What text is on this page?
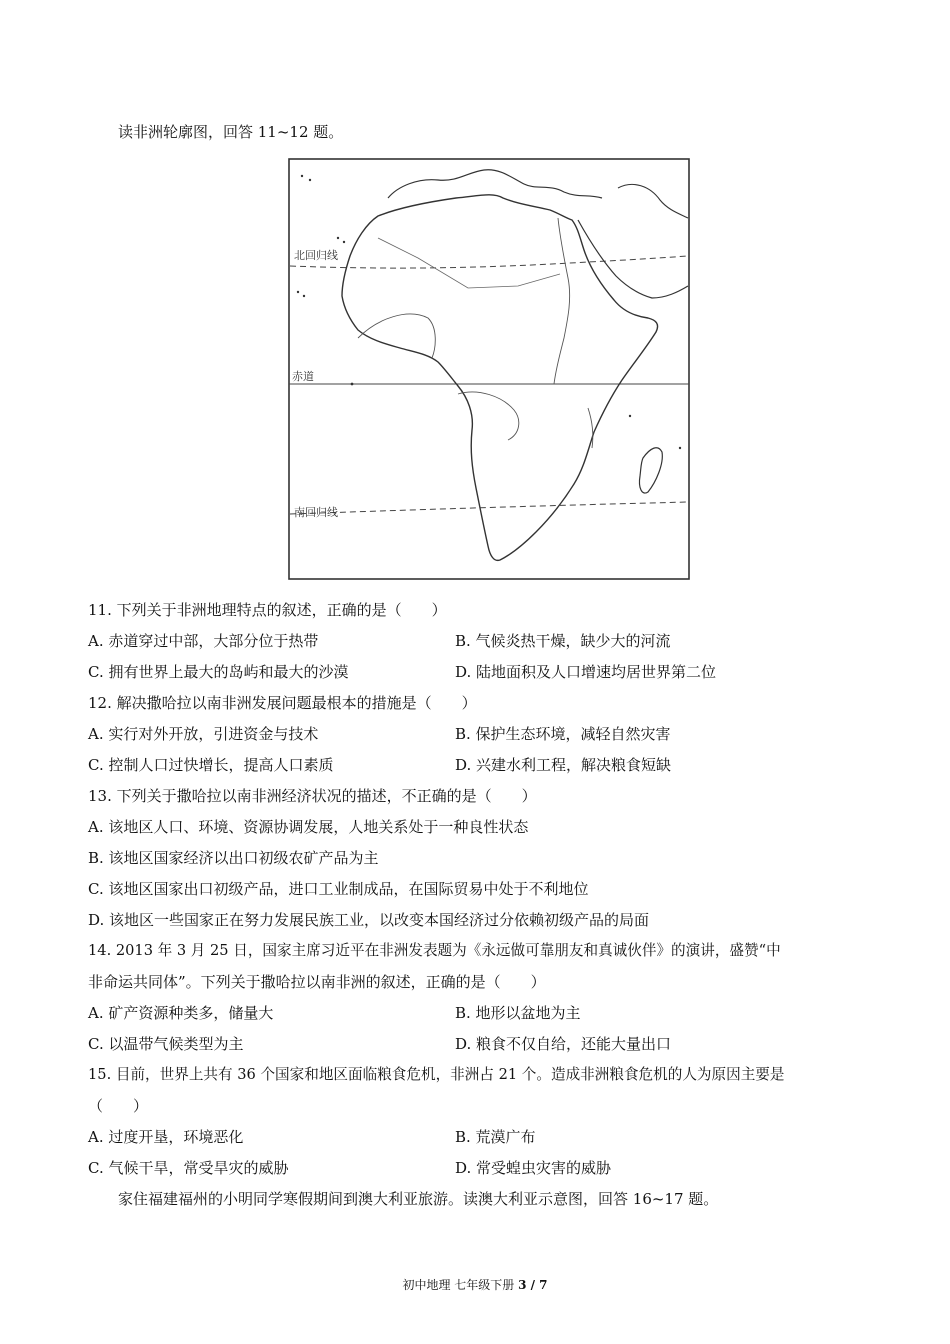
读非洲轮廓图，回答 11~12 题。
北回归线
赤道
南回归线
11. 下列关于非洲地理特点的叙述，正确的是（　　）
A. 赤道穿过中部，大部分位于热带	B. 气候炎热干燥，缺少大的河流
C. 拥有世界上最大的岛屿和最大的沙漠	D. 陆地面积及人口增速均居世界第二位
12. 解决撒哈拉以南非洲发展问题最根本的措施是（　　）
A. 实行对外开放，引进资金与技术	B. 保护生态环境，减轻自然灾害
C. 控制人口过快增长，提高人口素质	D. 兴建水利工程，解决粮食短缺
13. 下列关于撒哈拉以南非洲经济状况的描述，不正确的是（　　）
A. 该地区人口、环境、资源协调发展，人地关系处于一种良性状态
B. 该地区国家经济以出口初级农矿产品为主
C. 该地区国家出口初级产品，进口工业制成品，在国际贸易中处于不利地位
D. 该地区一些国家正在努力发展民族工业，以改变本国经济过分依赖初级产品的局面
14. 2013 年 3 月 25 日，国家主席习近平在非洲发表题为《永远做可靠朋友和真诚伙伴》的演讲，盛赞“中
非命运共同体”。下列关于撒哈拉以南非洲的叙述，正确的是（　　）
A. 矿产资源种类多，储量大	B. 地形以盆地为主
C. 以温带气候类型为主	D. 粮食不仅自给，还能大量出口
15. 目前，世界上共有 36 个国家和地区面临粮食危机，非洲占 21 个。造成非洲粮食危机的人为原因主要是
（　　）
A. 过度开垦，环境恶化	B. 荒漠广布
C. 气候干旱，常受旱灾的威胁	D. 常受蝗虫灾害的威胁
家住福建福州的小明同学寒假期间到澳大利亚旅游。读澳大利亚示意图，回答 16~17 题。
初中地理 七年级下册 3 / 7
